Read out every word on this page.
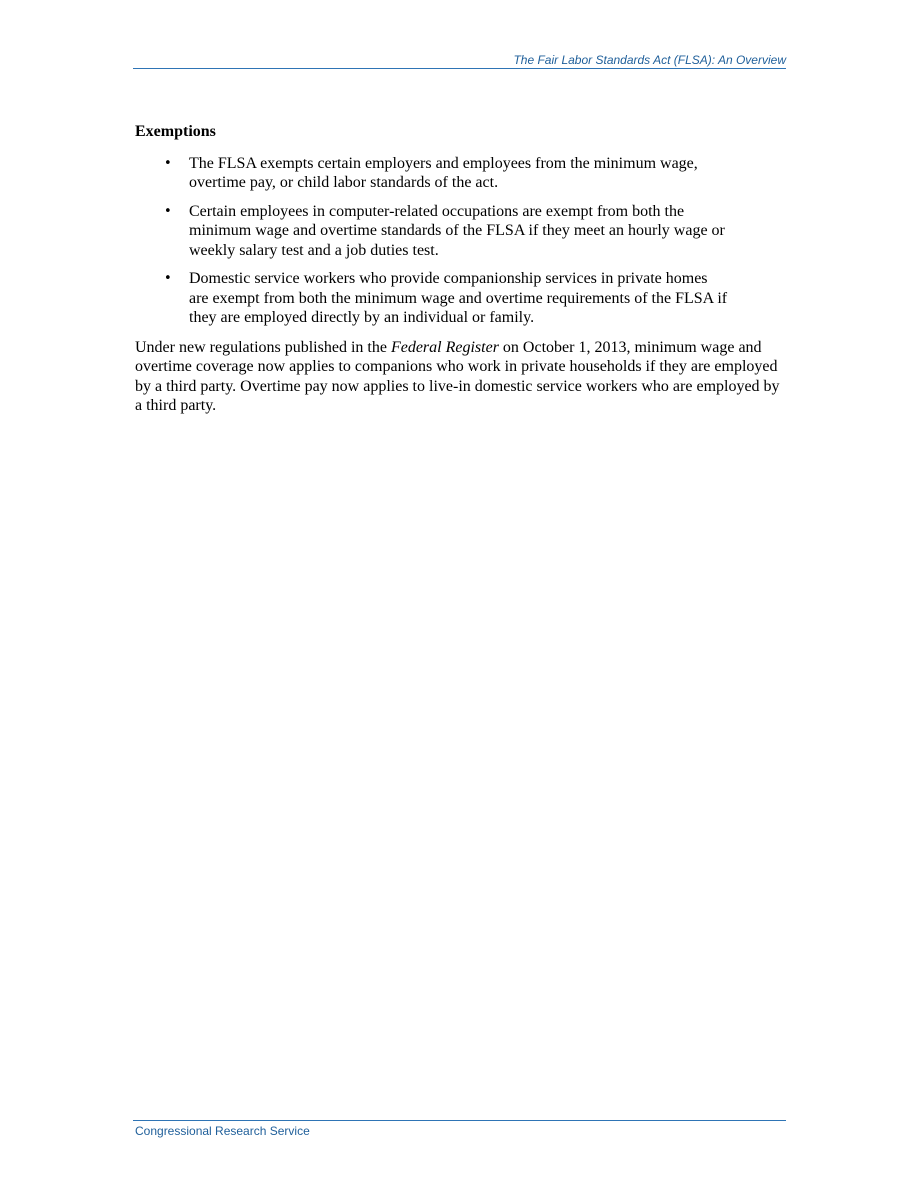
The Fair Labor Standards Act (FLSA): An Overview
Exemptions
• The FLSA exempts certain employers and employees from the minimum wage, overtime pay, or child labor standards of the act.
• Certain employees in computer-related occupations are exempt from both the minimum wage and overtime standards of the FLSA if they meet an hourly wage or weekly salary test and a job duties test.
• Domestic service workers who provide companionship services in private homes are exempt from both the minimum wage and overtime requirements of the FLSA if they are employed directly by an individual or family.

Under new regulations published in the Federal Register on October 1, 2013, minimum wage and overtime coverage now applies to companions who work in private households if they are employed by a third party. Overtime pay now applies to live-in domestic service workers who are employed by a third party.

Congressional Research Service
